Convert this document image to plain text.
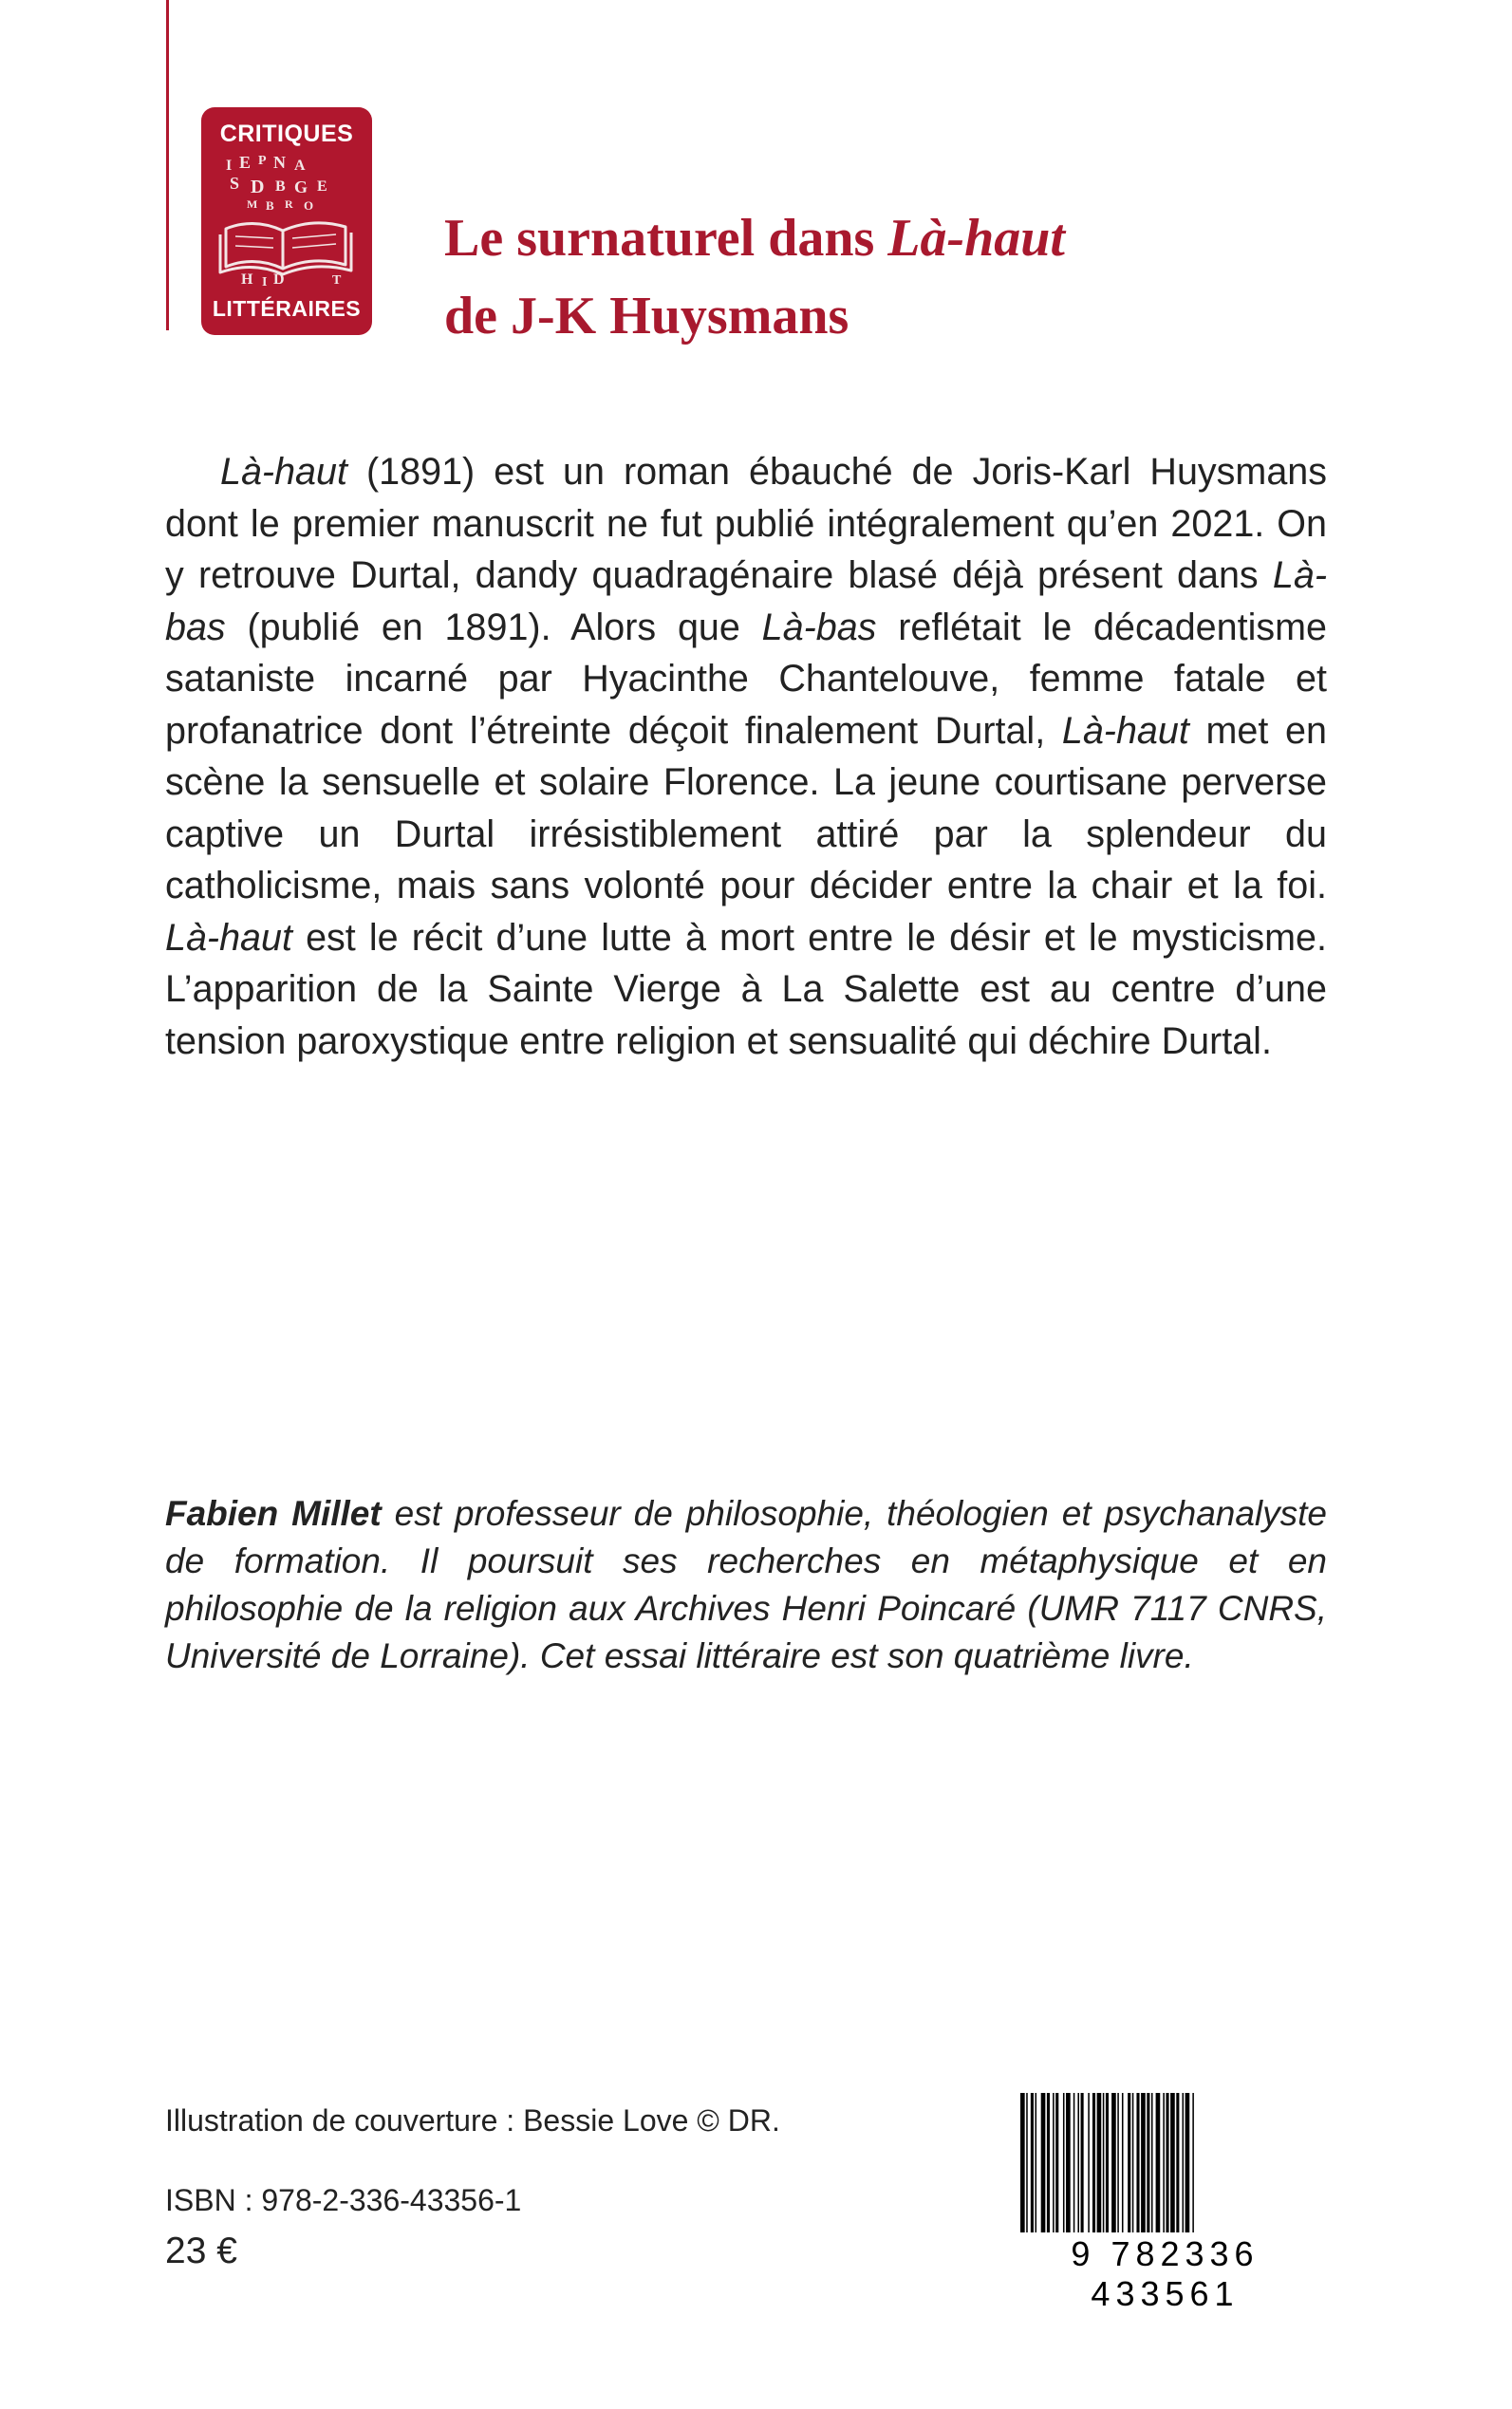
CRITIQUES
I E P N A
S D B G E
M B R O
H I D	T
LITTÉRAIRES
Le surnaturel dans Là-haut
de J-K Huysmans

Là-haut (1891) est un roman ébauché de Joris-Karl Huysmans dont le premier manuscrit ne fut publié intégralement qu’en 2021. On y retrouve Durtal, dandy quadragénaire blasé déjà présent dans Là-bas (publié en 1891). Alors que Là-bas reflétait le décadentisme sataniste incarné par Hyacinthe Chantelouve, femme fatale et profanatrice dont l’étreinte déçoit finalement Durtal, Là-haut met en scène la sensuelle et solaire Florence. La jeune courtisane perverse captive un Durtal irrésistiblement attiré par la splendeur du catholicisme, mais sans volonté pour décider entre la chair et la foi. Là-haut est le récit d’une lutte à mort entre le désir et le mysticisme. L’apparition de la Sainte Vierge à La Salette est au centre d’une tension paroxystique entre religion et sensualité qui déchire Durtal.

Fabien Millet est professeur de philosophie, théologien et psychanalyste de formation. Il poursuit ses recherches en métaphysique et en philosophie de la religion aux Archives Henri Poincaré (UMR 7117 CNRS, Université de Lorraine). Cet essai littéraire est son quatrième livre.

Illustration de couverture : Bessie Love © DR.
ISBN : 978-2-336-43356-1
23 €	9 782336 433561
